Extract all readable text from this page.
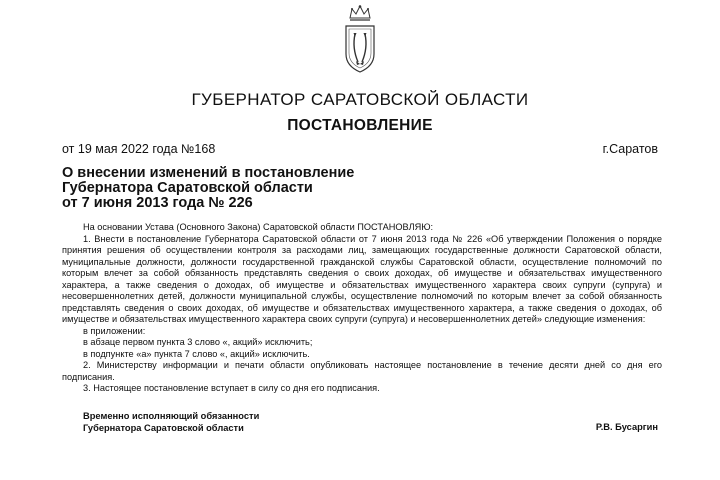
ГУБЕРНАТОР САРАТОВСКОЙ ОБЛАСТИ
ПОСТАНОВЛЕНИЕ
от 19 мая 2022 года №168	г.Саратов
О внесении изменений в постановление
Губернатора Саратовской области
от 7 июня 2013 года № 226

На основании Устава (Основного Закона) Саратовской области ПОСТАНОВЛЯЮ:

1. Внести в постановление Губернатора Саратовской области от 7 июня 2013 года № 226 «Об утверждении Положения о порядке принятия решения об осуществлении контроля за расходами лиц, замещающих государственные должности Саратовской области, муниципальные должности, должности государственной гражданской службы Саратовской области, осуществление полномочий по которым влечет за собой обязанность представлять сведения о своих доходах, об имуществе и обязательствах имущественного характера, а также сведения о доходах, об имуществе и обязательствах имущественного характера своих супруги (супруга) и несовершеннолетних детей, должности муниципальной службы, осуществление полномочий по которым влечет за собой обязанность представлять сведения о своих доходах, об имуществе и обязательствах имущественного характера, а также сведения о доходах, об имуществе и обязательствах имущественного характера своих супруги (супруга) и несовершеннолетних детей» следующие изменения:

в приложении:

в абзаце первом пункта 3 слово «, акций» исключить;

в подпункте «а» пункта 7 слово «, акций» исключить.

2. Министерству информации и печати области опубликовать настоящее постановление в течение десяти дней со дня его подписания.

3. Настоящее постановление вступает в силу со дня его подписания.

Временно исполняющий обязанности
Губернатора Саратовской области	Р.В. Бусаргин
